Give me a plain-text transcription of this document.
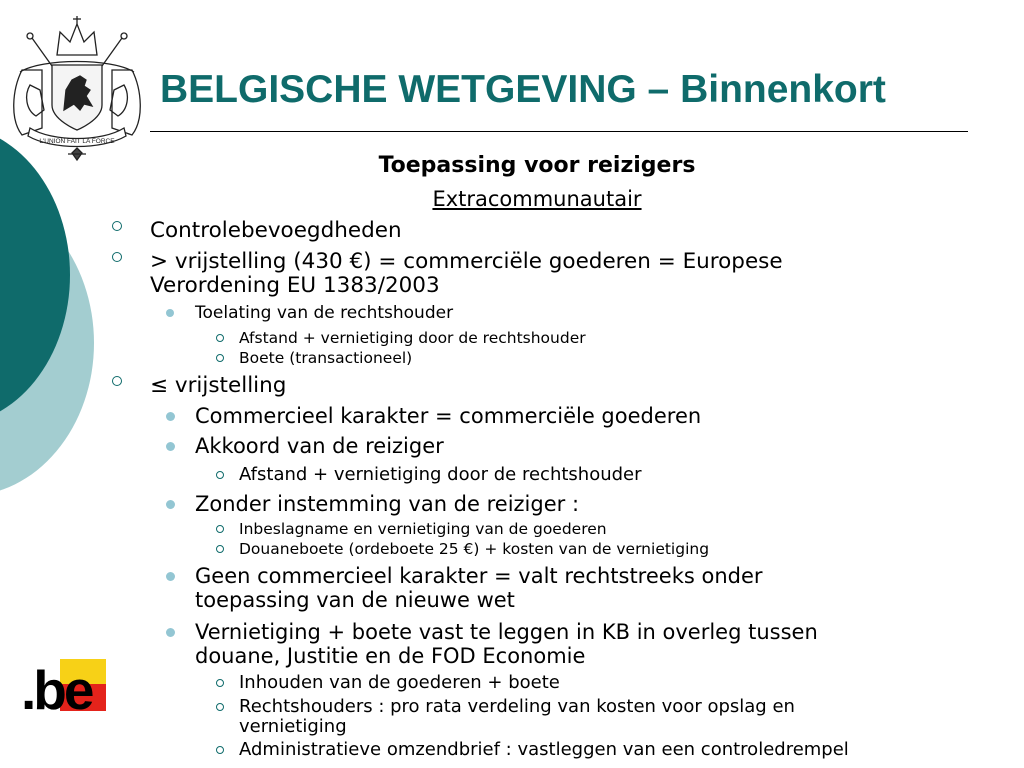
L'UNION FAIT LA FORCE
BELGISCHE WETGEVING – Binnenkort
Toepassing voor reizigers
Extracommunautair
Controlebevoegdheden
> vrijstelling (430 €) = commerciële goederen = Europese
Verordening EU 1383/2003
Toelating van de rechtshouder
Afstand + vernietiging door de rechtshouder
Boete (transactioneel)
≤ vrijstelling
Commercieel karakter = commerciële goederen
Akkoord van de reiziger
Afstand + vernietiging door de rechtshouder
Zonder instemming van de reiziger :
Inbeslagname en vernietiging van de goederen
Douaneboete (ordeboete 25 €) + kosten van de vernietiging
Geen commercieel karakter = valt rechtstreeks onder
toepassing van de nieuwe wet
Vernietiging + boete vast te leggen in KB in overleg tussen
douane, Justitie en de FOD Economie
Inhouden van de goederen + boete
Rechtshouders : pro rata verdeling van kosten voor opslag en
vernietiging
Administratieve omzendbrief : vastleggen van een controledrempel
.be
